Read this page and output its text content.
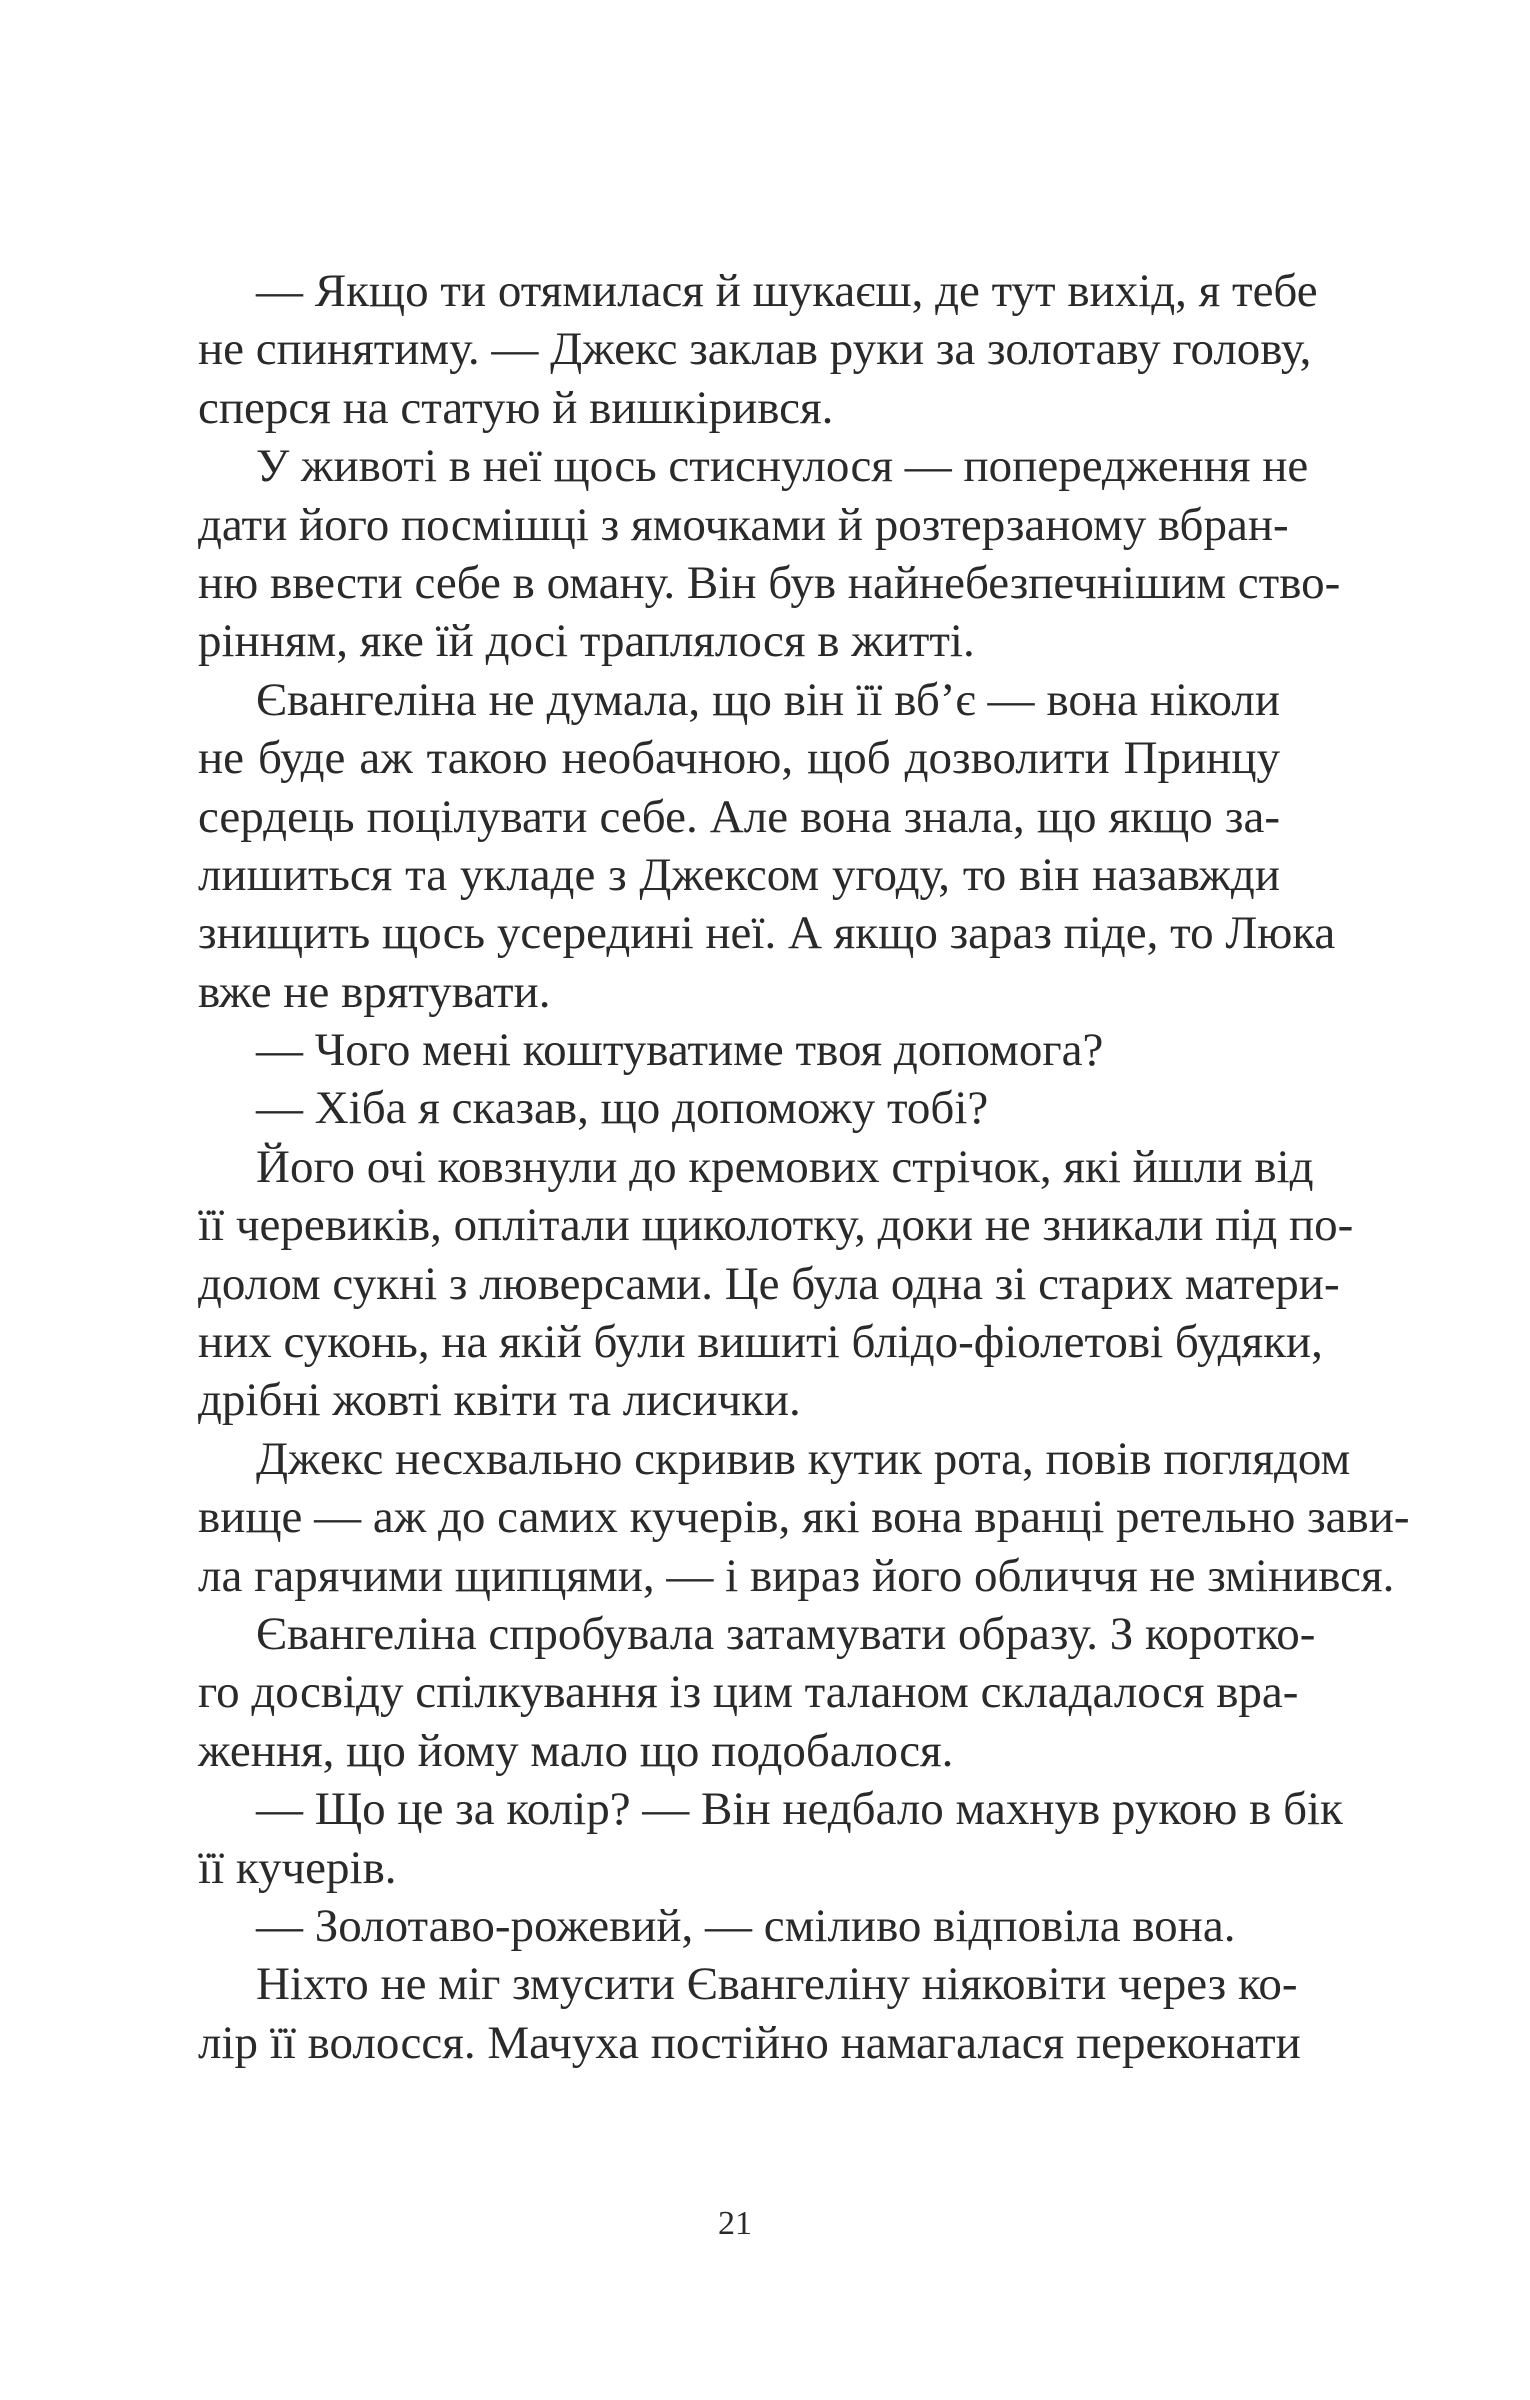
— Якщо ти отямилася й шукаєш, де тут вихід, я тебе
не спинятиму. — Джекс заклав руки за золотаву голову,
сперся на статую й вишкірився.
У животі в неї щось стиснулося — попередження не
дати його посмішці з ямочками й розтерзаному вбран-
ню ввести себе в оману. Він був найнебезпечнішим ство-
рінням, яке їй досі траплялося в житті.
Євангеліна не думала, що він її вб’є — вона ніколи
не буде аж такою необачною, щоб дозволити Принцу
сердець поцілувати себе. Але вона знала, що якщо за-
лишиться та укладе з Джексом угоду, то він назавжди
знищить щось усередині неї. А якщо зараз піде, то Люка
вже не врятувати.
— Чого мені коштуватиме твоя допомога?
— Хіба я сказав, що допоможу тобі?
Його очі ковзнули до кремових стрічок, які йшли від
її черевиків, оплітали щиколотку, доки не зникали під по-
долом сукні з люверсами. Це була одна зі старих матери-
них суконь, на якій були вишиті блідо-фіолетові будяки,
дрібні жовті квіти та лисички.
Джекс несхвально скривив кутик рота, повів поглядом
вище — аж до самих кучерів, які вона вранці ретельно зави-
ла гарячими щипцями, — і вираз його обличчя не змінився.
Євангеліна спробувала затамувати образу. З коротко-
го досвіду спілкування із цим таланом складалося вра-
ження, що йому мало що подобалося.
— Що це за колір? — Він недбало махнув рукою в бік
її кучерів.
— Золотаво-рожевий, — сміливо відповіла вона.
Ніхто не міг змусити Євангеліну ніяковіти через ко-
лір її волосся. Мачуха постійно намагалася переконати
21
